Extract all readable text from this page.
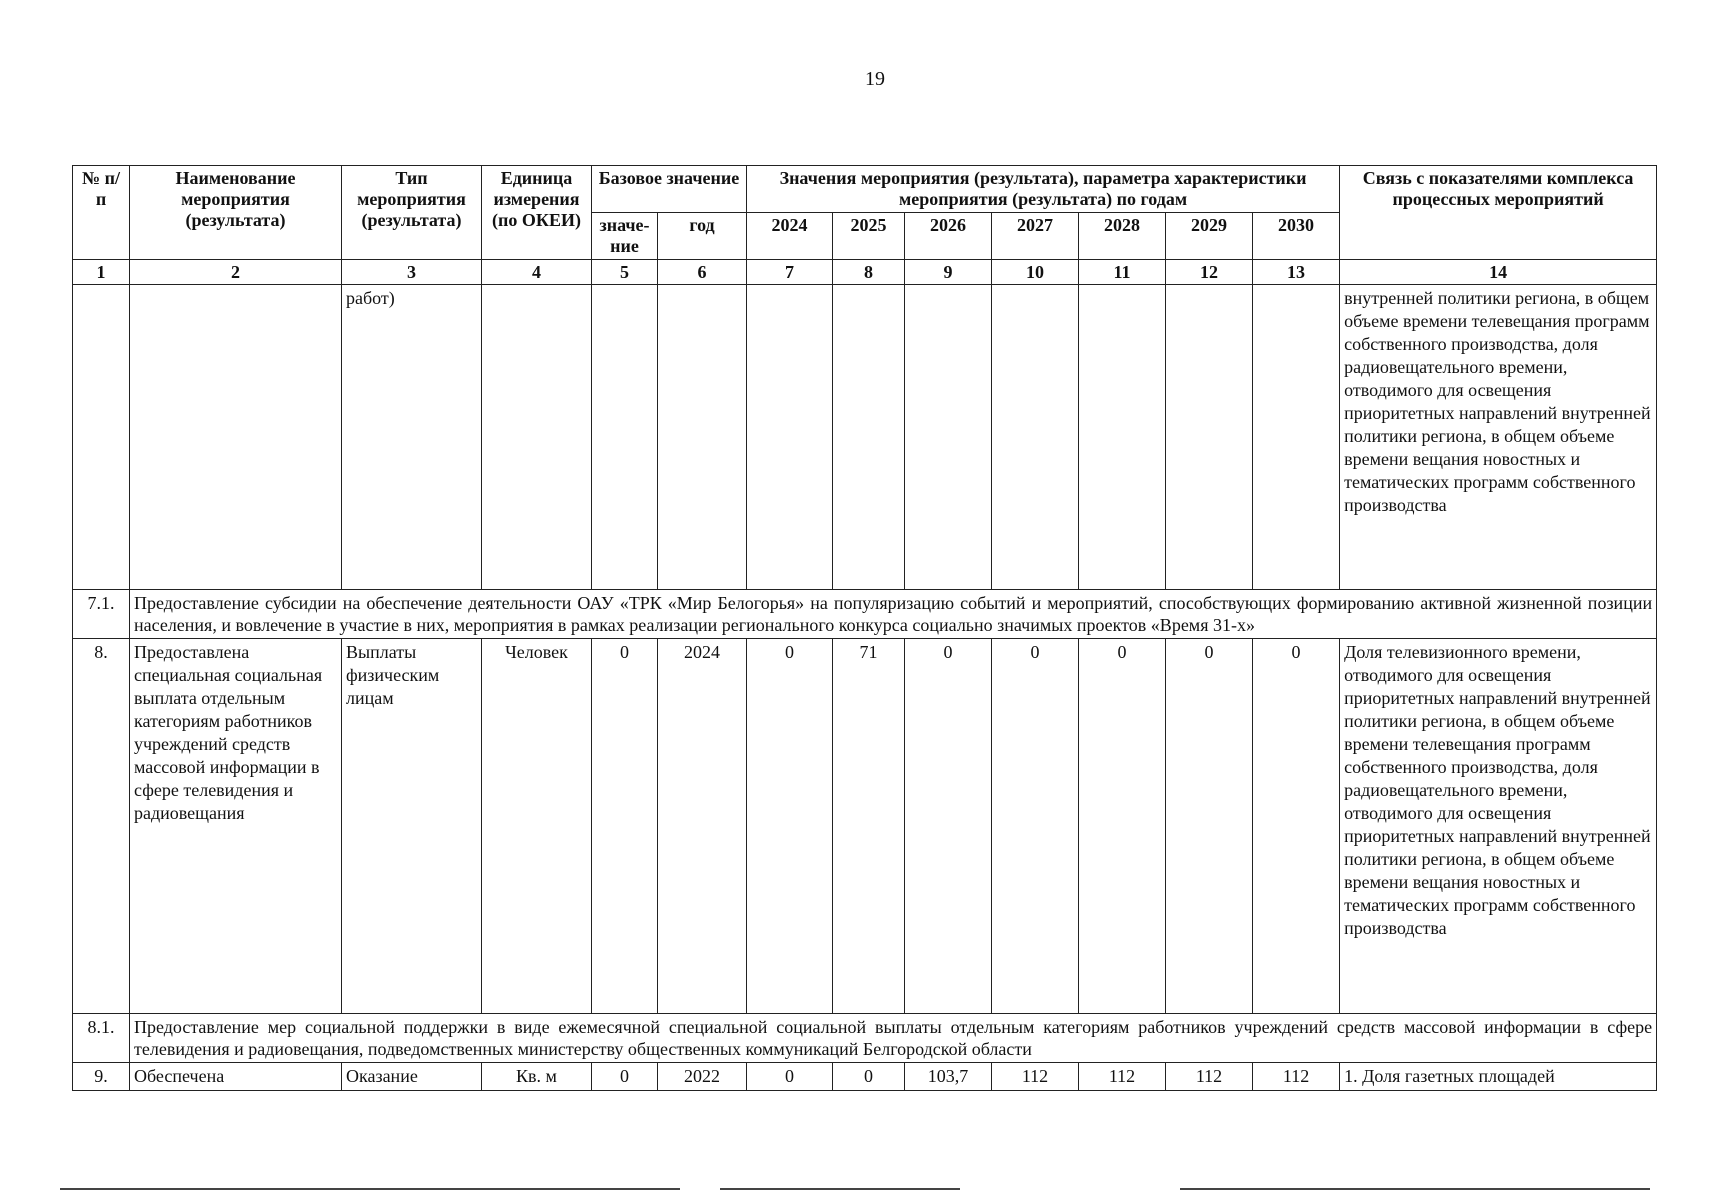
19
№ п/п	Наименование мероприятия (результата)	Тип мероприятия (результата)	Единица измерения (по ОКЕИ)	Базовое значение		Значения мероприятия (результата), параметра характеристики мероприятия (результата) по годам							Связь с показателями комплекса процессных мероприятий
				значе-ние	год	2024	2025	2026	2027	2028	2029	2030	
1	2	3	4	5	6	7	8	9	10	11	12	13	14
		работ)											внутренней политики региона, в общем объеме времени телевещания программ собственного производства, доля радиовещательного времени, отводимого для освещения приоритетных направлений внутренней политики региона, в общем объеме времени вещания новостных и тематических программ собственного производства
7.1.	Предоставление субсидии на обеспечение деятельности ОАУ «ТРК «Мир Белогорья» на популяризацию событий и мероприятий, способствующих формированию активной жизненной позиции населения, и вовлечение в участие в них, мероприятия в рамках реализации регионального конкурса социально значимых проектов «Время 31-х»												
8.	Предоставлена специальная социальная выплата отдельным категориям работников учреждений средств массовой информации в сфере телевидения и радиовещания	Выплаты физическим лицам	Человек	0	2024	0	71	0	0	0	0	0	Доля телевизионного времени, отводимого для освещения приоритетных направлений внутренней политики региона, в общем объеме времени телевещания программ собственного производства, доля радиовещательного времени, отводимого для освещения приоритетных направлений внутренней политики региона, в общем объеме времени вещания новостных и тематических программ собственного производства
8.1.	Предоставление мер социальной поддержки в виде ежемесячной специальной социальной выплаты отдельным категориям работников учреждений средств массовой информации в сфере телевидения и радиовещания, подведомственных министерству общественных коммуникаций Белгородской области												
9.	Обеспечена	Оказание	Кв. м	0	2022	0	0	103,7	112	112	112	112	1. Доля газетных площадей
